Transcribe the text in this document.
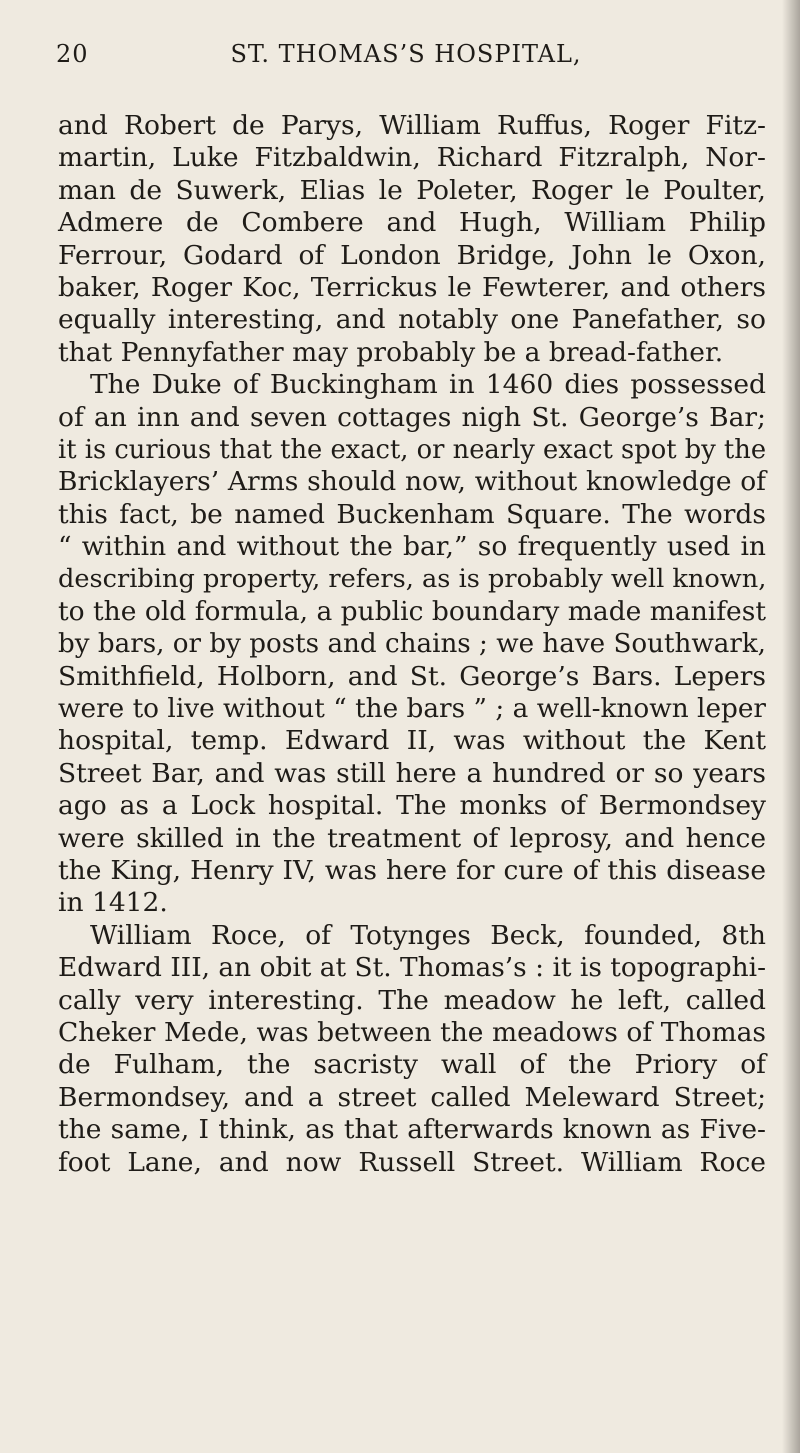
20	ST. THOMAS’S HOSPITAL,
and Robert de Parys, William Ruffus, Roger Fitz-
martin, Luke Fitzbaldwin, Richard Fitzralph, Nor-
man de Suwerk, Elias le Poleter, Roger le Poulter,
Admere de Combere and Hugh, William Philip
Ferrour, Godard of London Bridge, John le Oxon,
baker, Roger Koc, Terrickus le Fewterer, and others
equally interesting, and notably one Panefather, so
that Pennyfather may probably be a bread-father.
The Duke of Buckingham in 1460 dies possessed
of an inn and seven cottages nigh St. George’s Bar;
it is curious that the exact, or nearly exact spot by the
Bricklayers’ Arms should now, without knowledge of
this fact, be named Buckenham Square. The words
“ within and without the bar,” so frequently used in
describing property, refers, as is probably well known,
to the old formula, a public boundary made manifest
by bars, or by posts and chains ; we have Southwark,
Smithfield, Holborn, and St. George’s Bars. Lepers
were to live without “ the bars ” ; a well-known leper
hospital, temp. Edward II, was without the Kent
Street Bar, and was still here a hundred or so years
ago as a Lock hospital. The monks of Bermondsey
were skilled in the treatment of leprosy, and hence
the King, Henry IV, was here for cure of this disease
in 1412.
William Roce, of Totynges Beck, founded, 8th
Edward III, an obit at St. Thomas’s : it is topographi-
cally very interesting. The meadow he left, called
Cheker Mede, was between the meadows of Thomas
de Fulham, the sacristy wall of the Priory of
Bermondsey, and a street called Meleward Street;
the same, I think, as that afterwards known as Five-
foot Lane, and now Russell Street. William Roce
